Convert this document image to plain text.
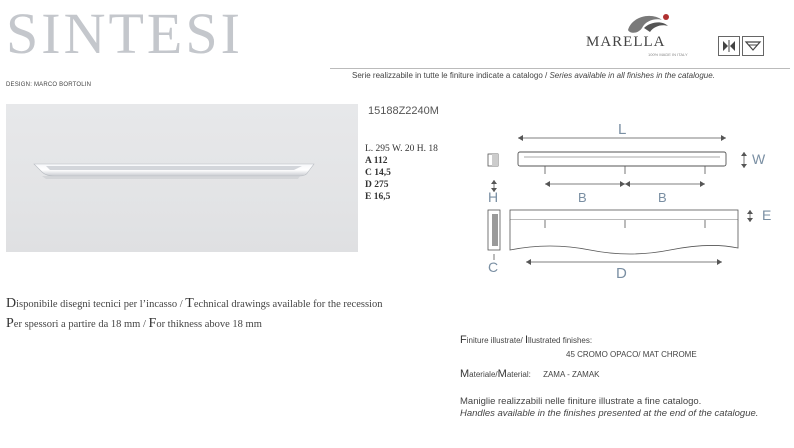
SINTESI	MARELLA
100% MADE IN ITALY
Serie realizzabile in tutte le finiture indicate a catalogo / Series available in all finishes in the catalogue.
DESIGN: MARCO BORTOLIN
15188Z2240M
L. 295 W. 20 H. 18
A 112
C 14,5
D 275
E 16,5
L
H
W
B	B
C
E
D
Disponibile disegni tecnici per l’incasso / Technical drawings available for the recession
Per spessori a partire da 18 mm / For thikness above 18 mm
Finiture illustrate/ Illustrated finishes:
45 CROMO OPACO/ MAT CHROME
Materiale/Material: ZAMA - ZAMAK
Maniglie realizzabili nelle finiture illustrate a fine catalogo.
Handles available in the finishes presented at the end of the catalogue.
